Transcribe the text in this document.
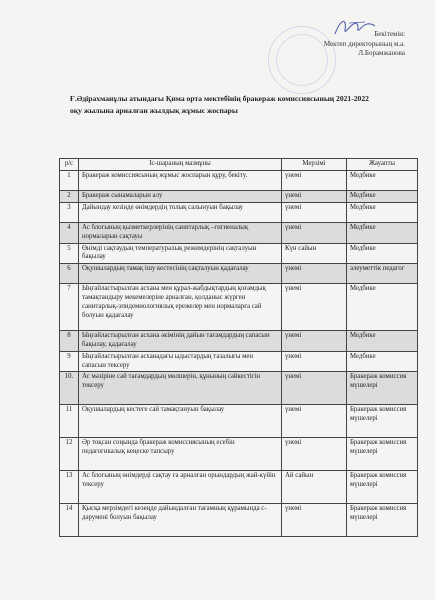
Бекітемін:
Мектеп директорының м.а.
Л.Борамжанова
Ғ.Әдірахманұлы атындағы Қима орта мектебінің бракераж комиссиясының 2021-2022 оқу жылына арналған жылдық жұмыс жоспары
р/с	Іс-шараның мазмұны	Мерзімі	Жауапты
1	Бракераж комиссиясының жұмыс жоспарын құру, бекіту.	үнемі	Медбике
2	Бракераж сынамаларын алу	үнемі	Медбике
3	Дайындау кезінде өнімдердің толық салынуын бақылау	үнемі	Медбике
4	Ас блогының қызметкерлерінің санитарлық –гигиеналық нормаларын сақтауы	үнемі	Медбике
5	Өнімді сақтаудың температуралық режимдерінің сақталуын бақылау	Күн сайын	Медбике
6	Оқушылардың тамақ ішу кестесінің сақталуын қадағалау	үнемі	әлеуметтік педагог
7	Ыңғайластырылған асхана мен құрал-жабдықтардың қоғамдық тамақтандыру мекемелеріне арналған, қолданыс жүрген санитарлық-эпидемиологиялық ережелер мен нормаларға сай болуын қадағалау	үнемі	Медбике
8	Ыңғайластырылған асхана әкімінің дайын тағамдардың сапасын бақылау, қадағалау	үнемі	Медбике
9	Ыңғайластырылған асханадағы ыдыстардың тазалығы мен сапасын тексеру	үнемі	Медбике
10.	Ас мәзіріне сай тағамдардың мөлшерін, құнының сәйкестігін тексеру	үнемі	Бракераж комиссия мүшелері
11	Оқушылардың кестеге сай тамақтануын бақылау	үнемі	Бракераж комиссия мүшелері
12	Әр тоқсан соңында бракераж комиссиясының есебін педагогикалық кеңеске тапсыру	үнемі	Бракераж комиссия мүшелері
13	Ас блогының өнімдерді сақтау ға арналған орындардың жай-күйін тексеру	Ай сайын	Бракераж комиссия мүшелері
14	Қысқа мерзімдегі кезеңде дайындалған тағамның құрамында с-дәрумені болуын бақылау	үнемі	Бракераж комиссия мүшелері
